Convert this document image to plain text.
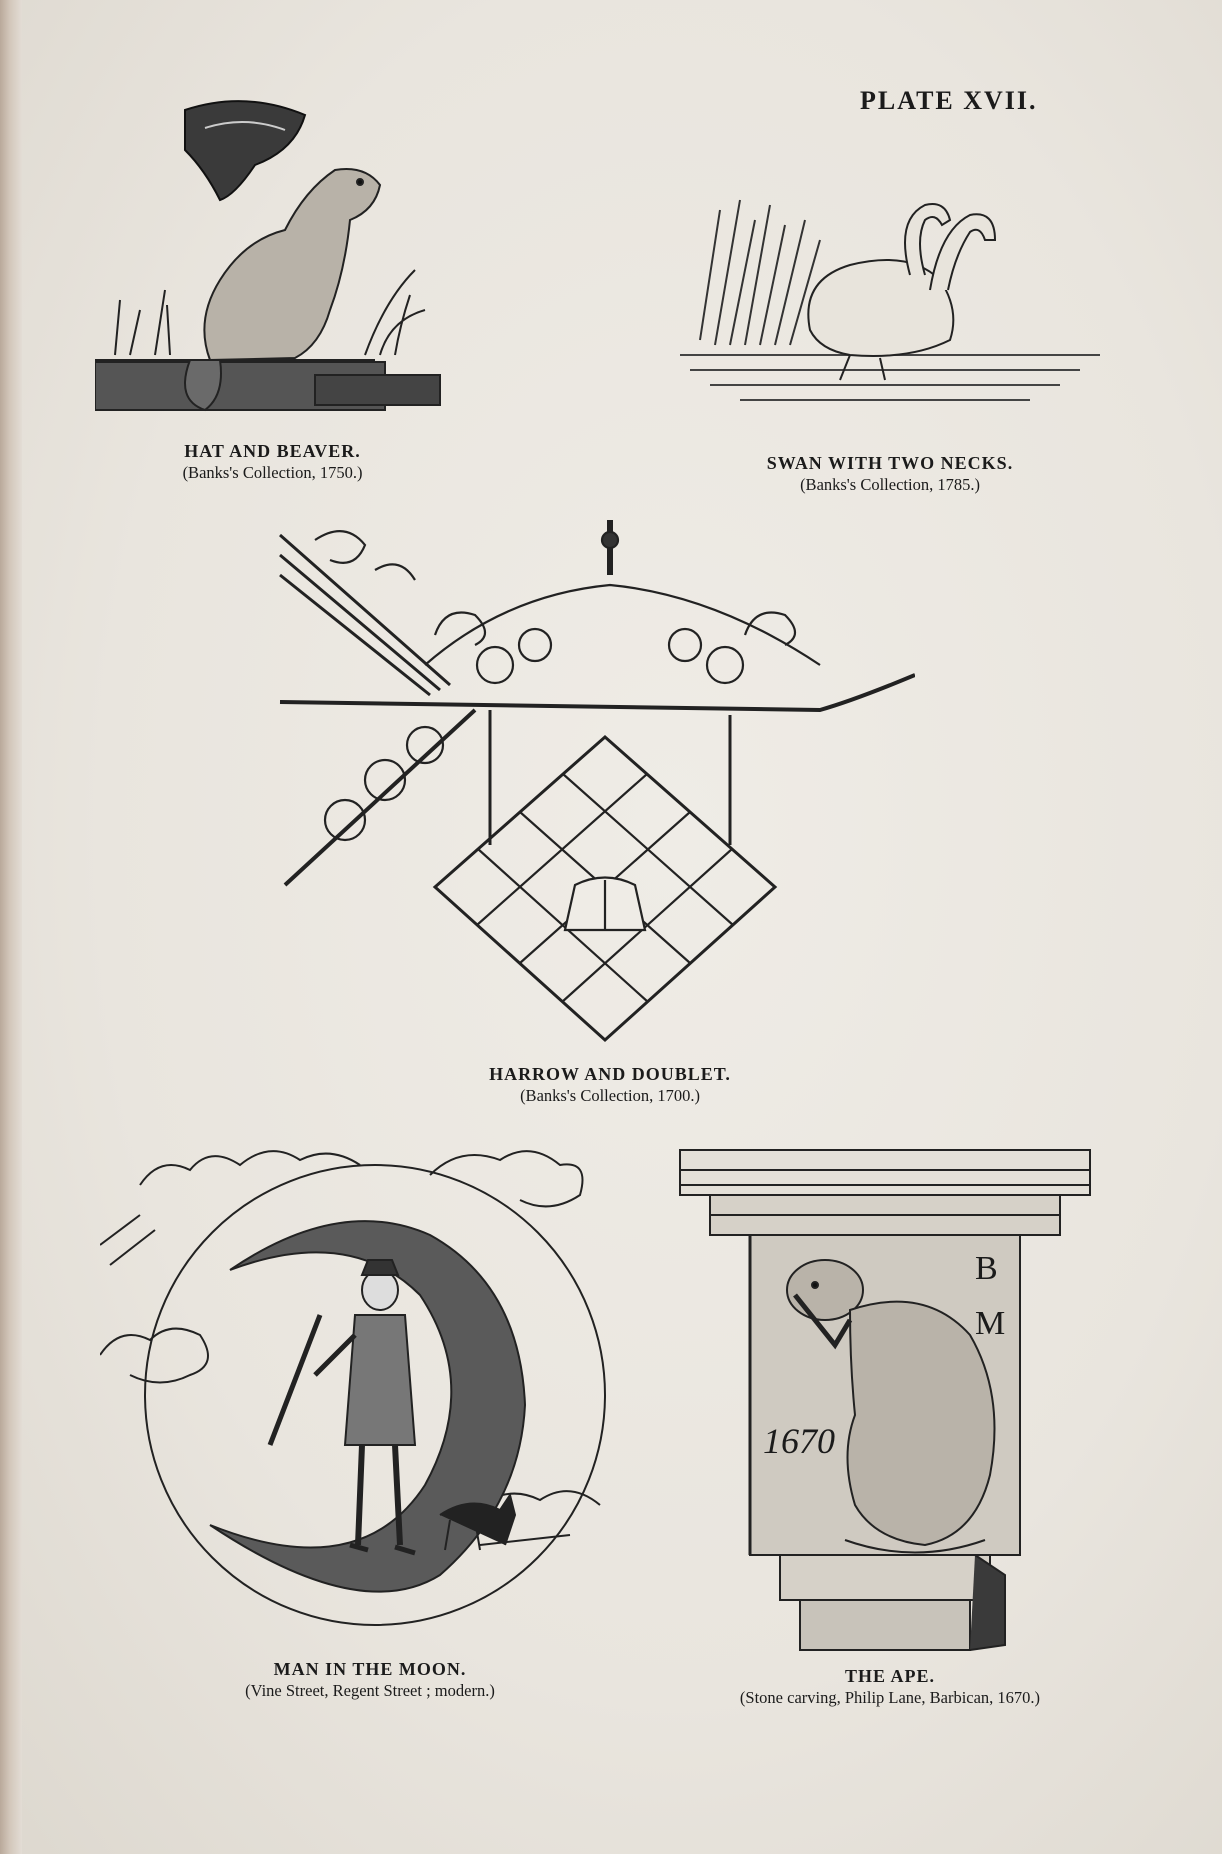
PLATE XVII.
HAT AND BEAVER.
(Banks's Collection, 1750.)	SWAN WITH TWO NECKS.
(Banks's Collection, 1785.)
HARROW AND DOUBLET.
(Banks's Collection, 1700.)
MAN IN THE MOON.
(Vine Street, Regent Street ; modern.)
B
M
1670
THE APE.
(Stone carving, Philip Lane, Barbican, 1670.)
